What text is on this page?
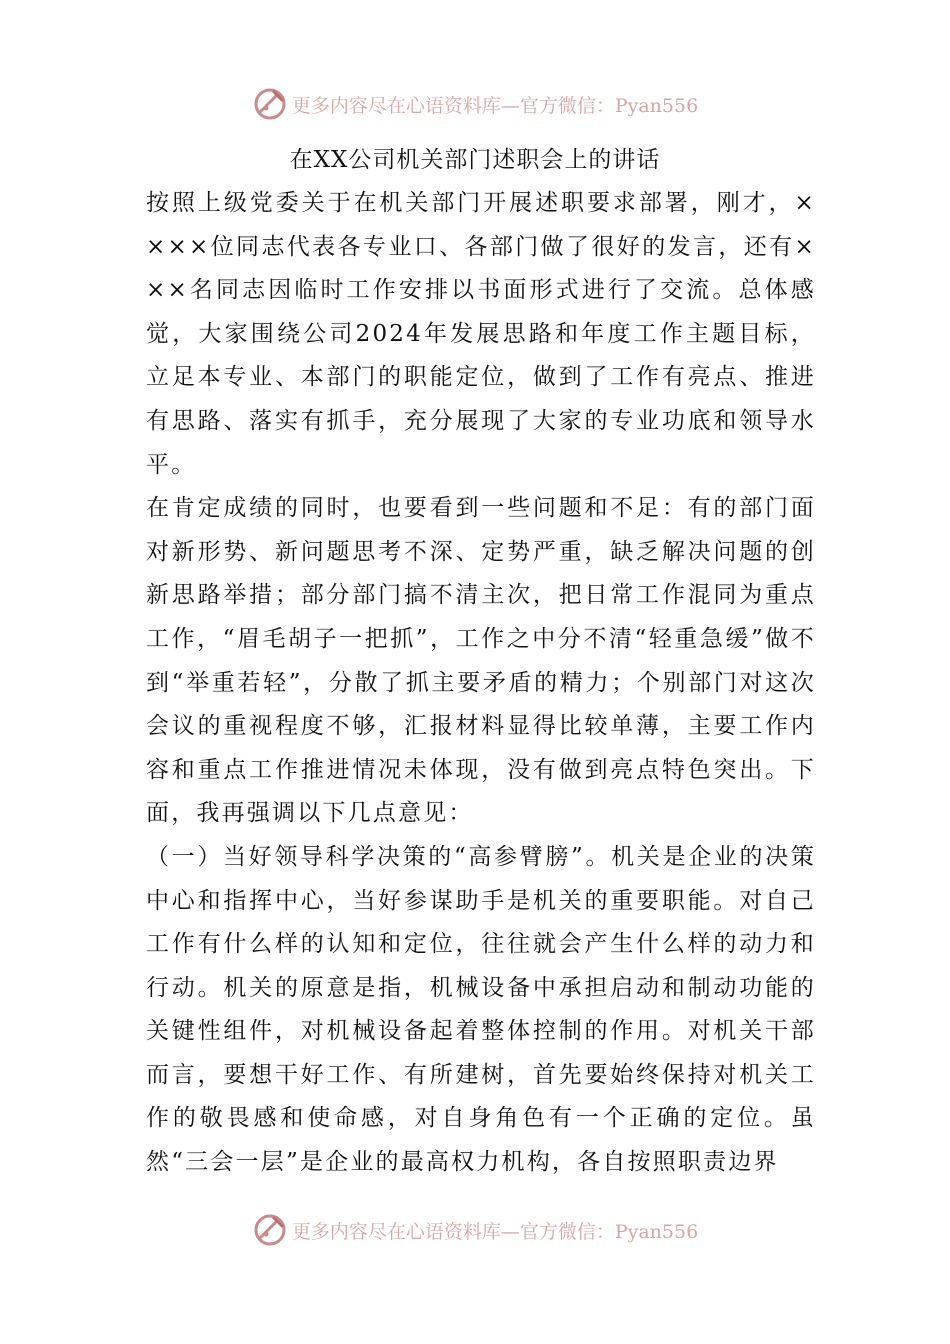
更多内容尽在心语资料库—官方微信：Pyan556
在XX公司机关部门述职会上的讲话

按照上级党委关于在机关部门开展述职要求部署，刚才，××××位同志代表各专业口、各部门做了很好的发言，还有×××名同志因临时工作安排以书面形式进行了交流。总体感觉，大家围绕公司2024年发展思路和年度工作主题目标，立足本专业、本部门的职能定位，做到了工作有亮点、推进有思路、落实有抓手，充分展现了大家的专业功底和领导水平。

在肯定成绩的同时，也要看到一些问题和不足：有的部门面对新形势、新问题思考不深、定势严重，缺乏解决问题的创新思路举措；部分部门搞不清主次，把日常工作混同为重点工作，“眉毛胡子一把抓”，工作之中分不清“轻重急缓”做不到“举重若轻”，分散了抓主要矛盾的精力；个别部门对这次会议的重视程度不够，汇报材料显得比较单薄，主要工作内容和重点工作推进情况未体现，没有做到亮点特色突出。下面，我再强调以下几点意见：

（一）当好领导科学决策的“高参臂膀”。机关是企业的决策中心和指挥中心，当好参谋助手是机关的重要职能。对自己工作有什么样的认知和定位，往往就会产生什么样的动力和行动。机关的原意是指，机械设备中承担启动和制动功能的关键性组件，对机械设备起着整体控制的作用。对机关干部而言，要想干好工作、有所建树，首先要始终保持对机关工作的敬畏感和使命感，对自身角色有一个正确的定位。虽然“三会一层”是企业的最高权力机构，各自按照职责边界

更多内容尽在心语资料库—官方微信：Pyan556
